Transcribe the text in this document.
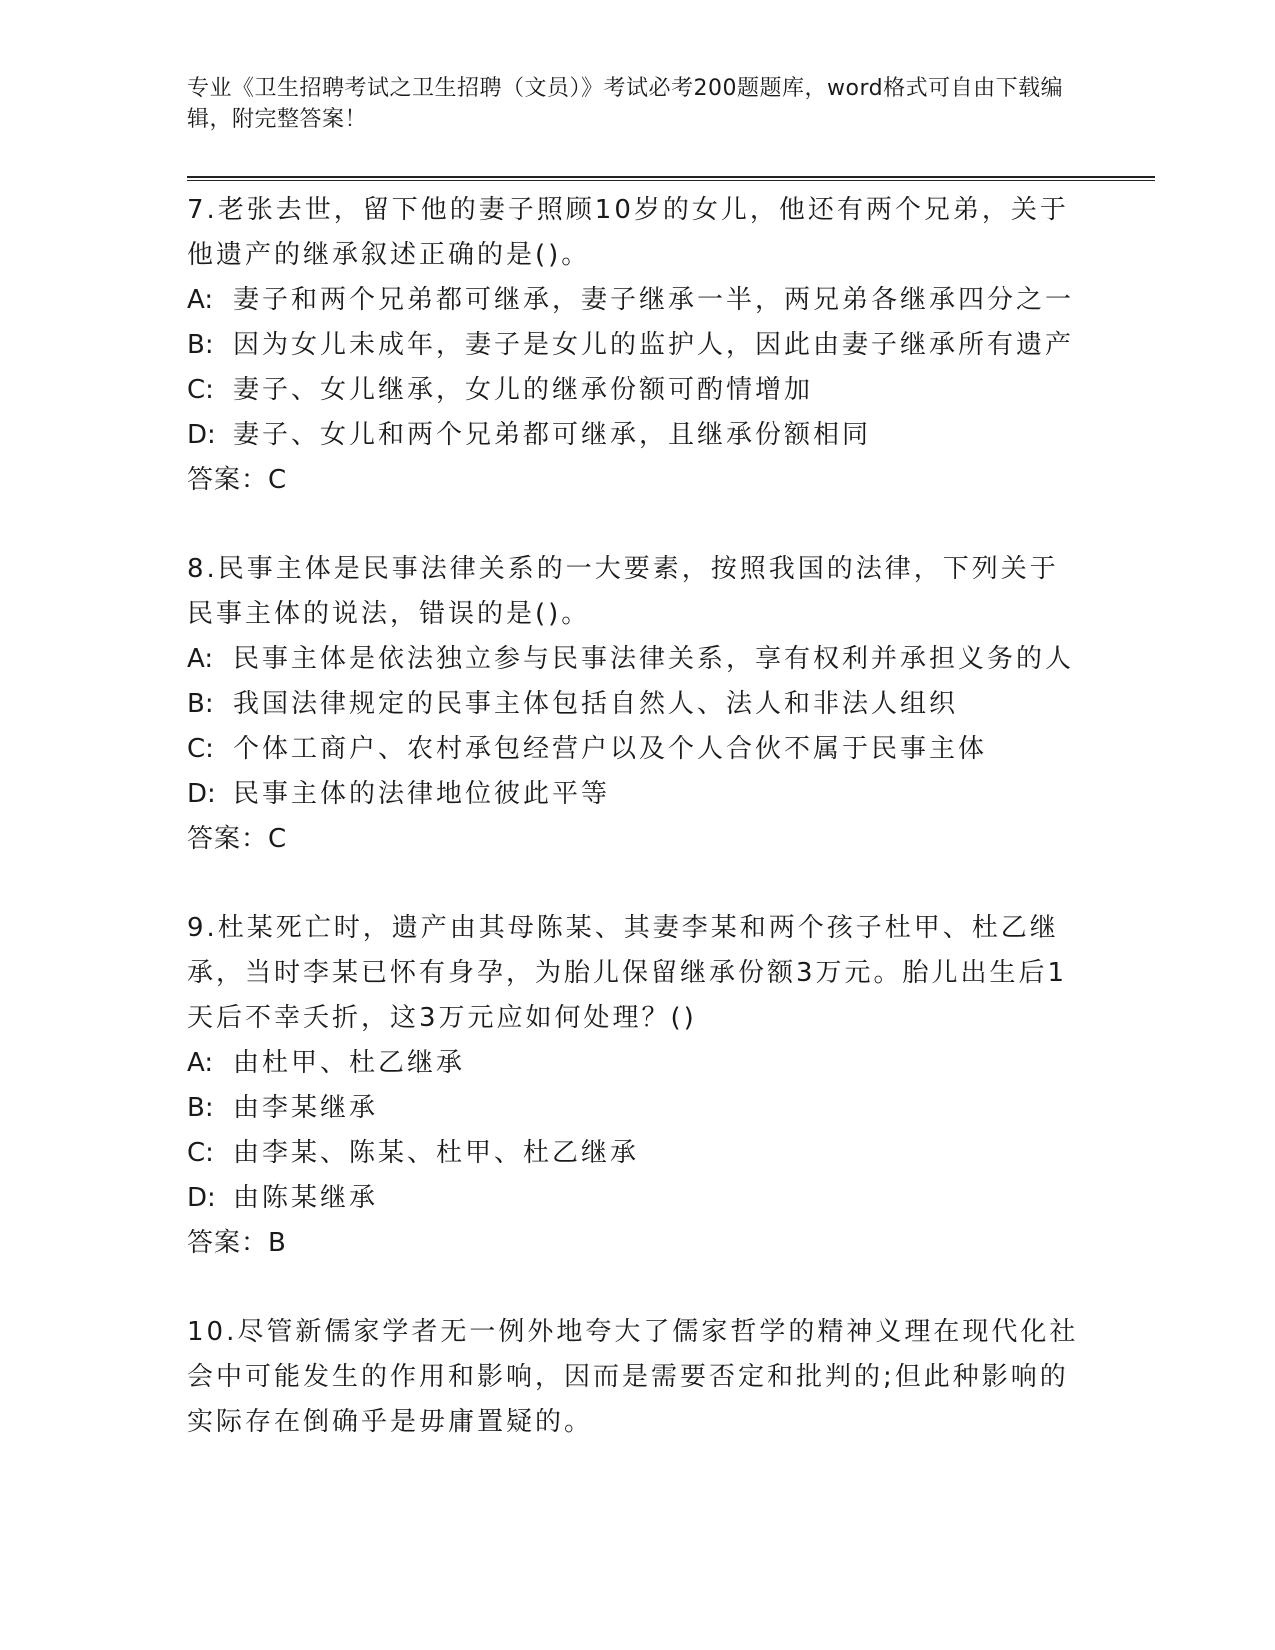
专业《卫生招聘考试之卫生招聘（文员）》考试必考200题题库，word格式可自由下载编辑，附完整答案！

7.老张去世，留下他的妻子照顾10岁的女儿，他还有两个兄弟，关于他遗产的继承叙述正确的是()。

A: 妻子和两个兄弟都可继承，妻子继承一半，两兄弟各继承四分之一

B: 因为女儿未成年，妻子是女儿的监护人，因此由妻子继承所有遗产

C: 妻子、女儿继承，女儿的继承份额可酌情增加

D: 妻子、女儿和两个兄弟都可继承，且继承份额相同

答案：C

8.民事主体是民事法律关系的一大要素，按照我国的法律，下列关于民事主体的说法，错误的是()。

A: 民事主体是依法独立参与民事法律关系，享有权利并承担义务的人

B: 我国法律规定的民事主体包括自然人、法人和非法人组织

C: 个体工商户、农村承包经营户以及个人合伙不属于民事主体

D: 民事主体的法律地位彼此平等

答案：C

9.杜某死亡时，遗产由其母陈某、其妻李某和两个孩子杜甲、杜乙继承，当时李某已怀有身孕，为胎儿保留继承份额3万元。胎儿出生后1天后不幸夭折，这3万元应如何处理？()

A: 由杜甲、杜乙继承

B: 由李某继承

C: 由李某、陈某、杜甲、杜乙继承

D: 由陈某继承

答案：B

10.尽管新儒家学者无一例外地夸大了儒家哲学的精神义理在现代化社会中可能发生的作用和影响，因而是需要否定和批判的;但此种影响的实际存在倒确乎是毋庸置疑的。
